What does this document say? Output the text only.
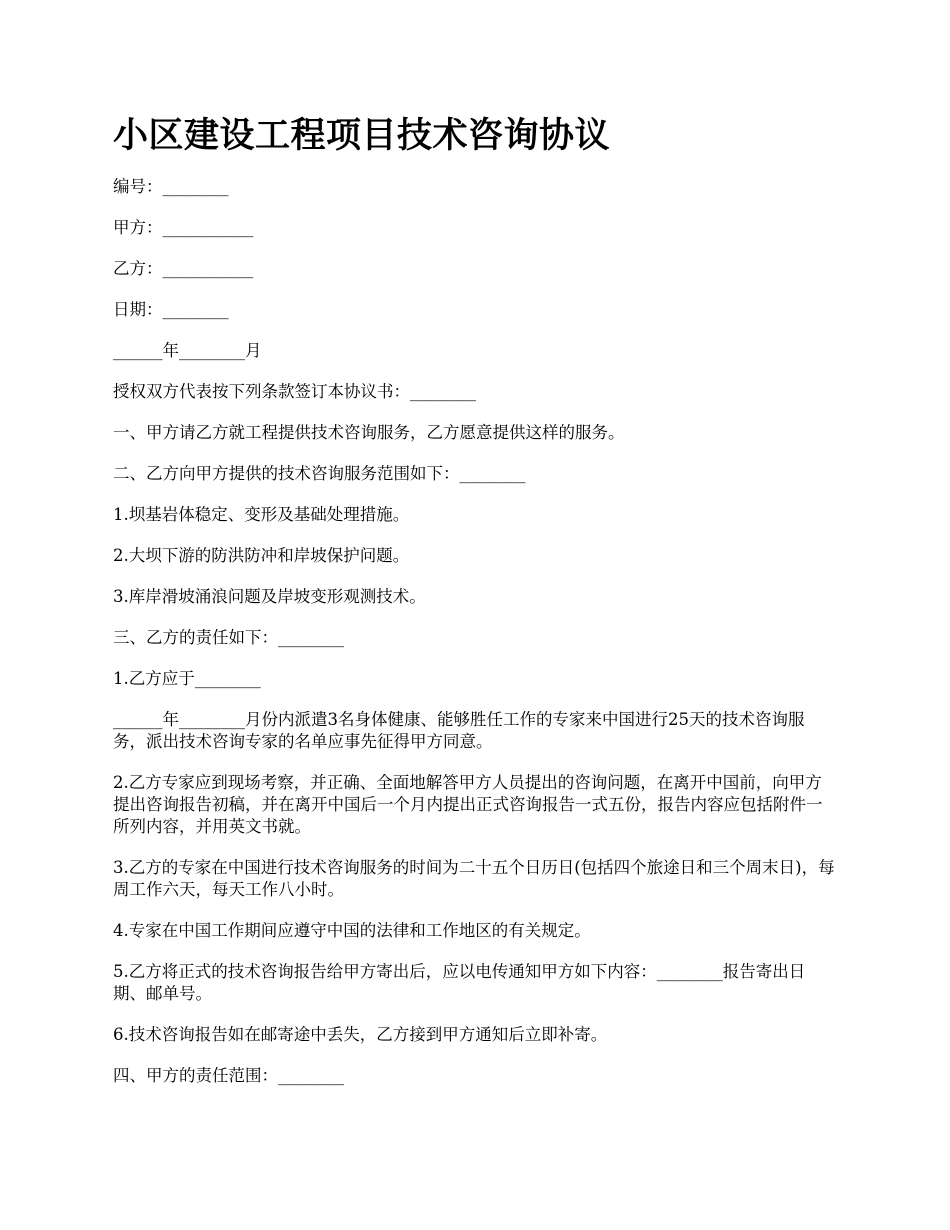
小区建设工程项目技术咨询协议

编号：________

甲方：___________

乙方：___________

日期：________

______年________月

授权双方代表按下列条款签订本协议书：________

一、甲方请乙方就工程提供技术咨询服务，乙方愿意提供这样的服务。

二、乙方向甲方提供的技术咨询服务范围如下：________

1.坝基岩体稳定、变形及基础处理措施。

2.大坝下游的防洪防冲和岸坡保护问题。

3.库岸滑坡涌浪问题及岸坡变形观测技术。

三、乙方的责任如下：________

1.乙方应于________

______年________月份内派遣3名身体健康、能够胜任工作的专家来中国进行25天的技术咨询服务，派出技术咨询专家的名单应事先征得甲方同意。

2.乙方专家应到现场考察，并正确、全面地解答甲方人员提出的咨询问题，在离开中国前，向甲方提出咨询报告初稿，并在离开中国后一个月内提出正式咨询报告一式五份，报告内容应包括附件一所列内容，并用英文书就。

3.乙方的专家在中国进行技术咨询服务的时间为二十五个日历日(包括四个旅途日和三个周末日)，每周工作六天，每天工作八小时。

4.专家在中国工作期间应遵守中国的法律和工作地区的有关规定。

5.乙方将正式的技术咨询报告给甲方寄出后，应以电传通知甲方如下内容：________报告寄出日期、邮单号。

6.技术咨询报告如在邮寄途中丢失，乙方接到甲方通知后立即补寄。

四、甲方的责任范围：________
